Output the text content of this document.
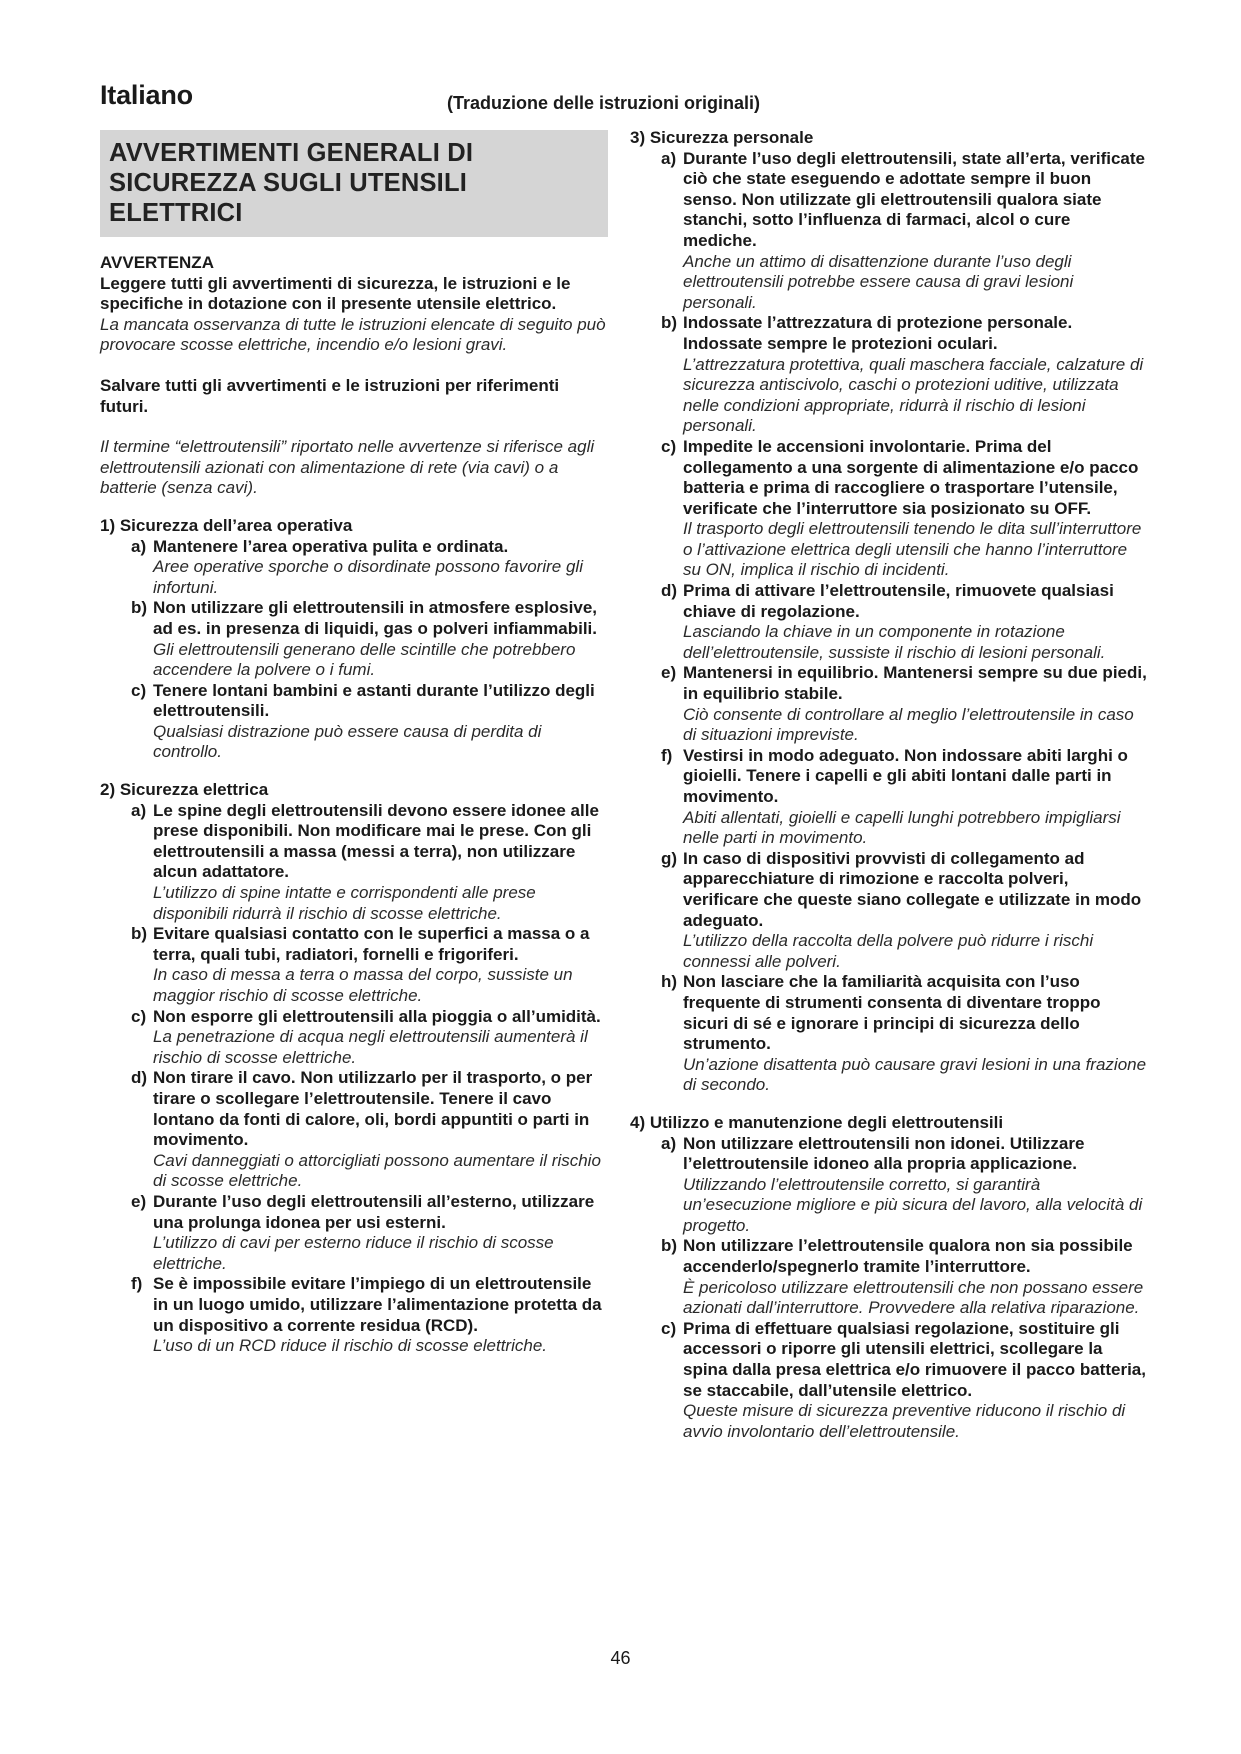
Italiano	(Traduzione delle istruzioni originali)
AVVERTIMENTI GENERALI DI SICUREZZA SUGLI UTENSILI ELETTRICI
AVVERTENZA
Leggere tutti gli avvertimenti di sicurezza, le istruzioni e le specifiche in dotazione con il presente utensile elettrico.
La mancata osservanza di tutte le istruzioni elencate di seguito può provocare scosse elettriche, incendio e/o lesioni gravi.
Salvare tutti gli avvertimenti e le istruzioni per riferimenti futuri.
Il termine “elettroutensili” riportato nelle avvertenze si riferisce agli elettroutensili azionati con alimentazione di rete (via cavi) o a batterie (senza cavi).
1) Sicurezza dell’area operativa
a) Mantenere l’area operativa pulita e ordinata.
Aree operative sporche o disordinate possono favorire gli infortuni.
b) Non utilizzare gli elettroutensili in atmosfere esplosive, ad es. in presenza di liquidi, gas o polveri infiammabili.
Gli elettroutensili generano delle scintille che potrebbero accendere la polvere o i fumi.
c) Tenere lontani bambini e astanti durante l’utilizzo degli elettroutensili.
Qualsiasi distrazione può essere causa di perdita di controllo.
2) Sicurezza elettrica
a) Le spine degli elettroutensili devono essere idonee alle prese disponibili. Non modificare mai le prese. Con gli elettroutensili a massa (messi a terra), non utilizzare alcun adattatore.
L’utilizzo di spine intatte e corrispondenti alle prese disponibili ridurrà il rischio di scosse elettriche.
b) Evitare qualsiasi contatto con le superfici a massa o a terra, quali tubi, radiatori, fornelli e frigoriferi.
In caso di messa a terra o massa del corpo, sussiste un maggior rischio di scosse elettriche.
c) Non esporre gli elettroutensili alla pioggia o all’umidità.
La penetrazione di acqua negli elettroutensili aumenterà il rischio di scosse elettriche.
d) Non tirare il cavo. Non utilizzarlo per il trasporto, o per tirare o scollegare l’elettroutensile. Tenere il cavo lontano da fonti di calore, oli, bordi appuntiti o parti in movimento.
Cavi danneggiati o attorcigliati possono aumentare il rischio di scosse elettriche.
e) Durante l’uso degli elettroutensili all’esterno, utilizzare una prolunga idonea per usi esterni.
L’utilizzo di cavi per esterno riduce il rischio di scosse elettriche.
f) Se è impossibile evitare l’impiego di un elettroutensile in un luogo umido, utilizzare l’alimentazione protetta da un dispositivo a corrente residua (RCD).
L’uso di un RCD riduce il rischio di scosse elettriche.
3) Sicurezza personale
a) Durante l’uso degli elettroutensili, state all’erta, verificate ciò che state eseguendo e adottate sempre il buon senso. Non utilizzate gli elettroutensili qualora siate stanchi, sotto l’influenza di farmaci, alcol o cure mediche.
Anche un attimo di disattenzione durante l’uso degli elettroutensili potrebbe essere causa di gravi lesioni personali.
b) Indossate l’attrezzatura di protezione personale. Indossate sempre le protezioni oculari.
L’attrezzatura protettiva, quali maschera facciale, calzature di sicurezza antiscivolo, caschi o protezioni uditive, utilizzata nelle condizioni appropriate, ridurrà il rischio di lesioni personali.
c) Impedite le accensioni involontarie. Prima del collegamento a una sorgente di alimentazione e/o pacco batteria e prima di raccogliere o trasportare l’utensile, verificate che l’interruttore sia posizionato su OFF.
Il trasporto degli elettroutensili tenendo le dita sull’interruttore o l’attivazione elettrica degli utensili che hanno l’interruttore su ON, implica il rischio di incidenti.
d) Prima di attivare l’elettroutensile, rimuovete qualsiasi chiave di regolazione.
Lasciando la chiave in un componente in rotazione dell’elettroutensile, sussiste il rischio di lesioni personali.
e) Mantenersi in equilibrio. Mantenersi sempre su due piedi, in equilibrio stabile.
Ciò consente di controllare al meglio l’elettroutensile in caso di situazioni impreviste.
f) Vestirsi in modo adeguato. Non indossare abiti larghi o gioielli. Tenere i capelli e gli abiti lontani dalle parti in movimento.
Abiti allentati, gioielli e capelli lunghi potrebbero impigliarsi nelle parti in movimento.
g) In caso di dispositivi provvisti di collegamento ad apparecchiature di rimozione e raccolta polveri, verificare che queste siano collegate e utilizzate in modo adeguato.
L’utilizzo della raccolta della polvere può ridurre i rischi connessi alle polveri.
h) Non lasciare che la familiarità acquisita con l’uso frequente di strumenti consenta di diventare troppo sicuri di sé e ignorare i principi di sicurezza dello strumento.
Un’azione disattenta può causare gravi lesioni in una frazione di secondo.
4) Utilizzo e manutenzione degli elettroutensili
a) Non utilizzare elettroutensili non idonei. Utilizzare l’elettroutensile idoneo alla propria applicazione.
Utilizzando l’elettroutensile corretto, si garantirà un’esecuzione migliore e più sicura del lavoro, alla velocità di progetto.
b) Non utilizzare l’elettroutensile qualora non sia possibile accenderlo/spegnerlo tramite l’interruttore.
È pericoloso utilizzare elettroutensili che non possano essere azionati dall’interruttore. Provvedere alla relativa riparazione.
c) Prima di effettuare qualsiasi regolazione, sostituire gli accessori o riporre gli utensili elettrici, scollegare la spina dalla presa elettrica e/o rimuovere il pacco batteria, se staccabile, dall’utensile elettrico.
Queste misure di sicurezza preventive riducono il rischio di avvio involontario dell’elettroutensile.
46
